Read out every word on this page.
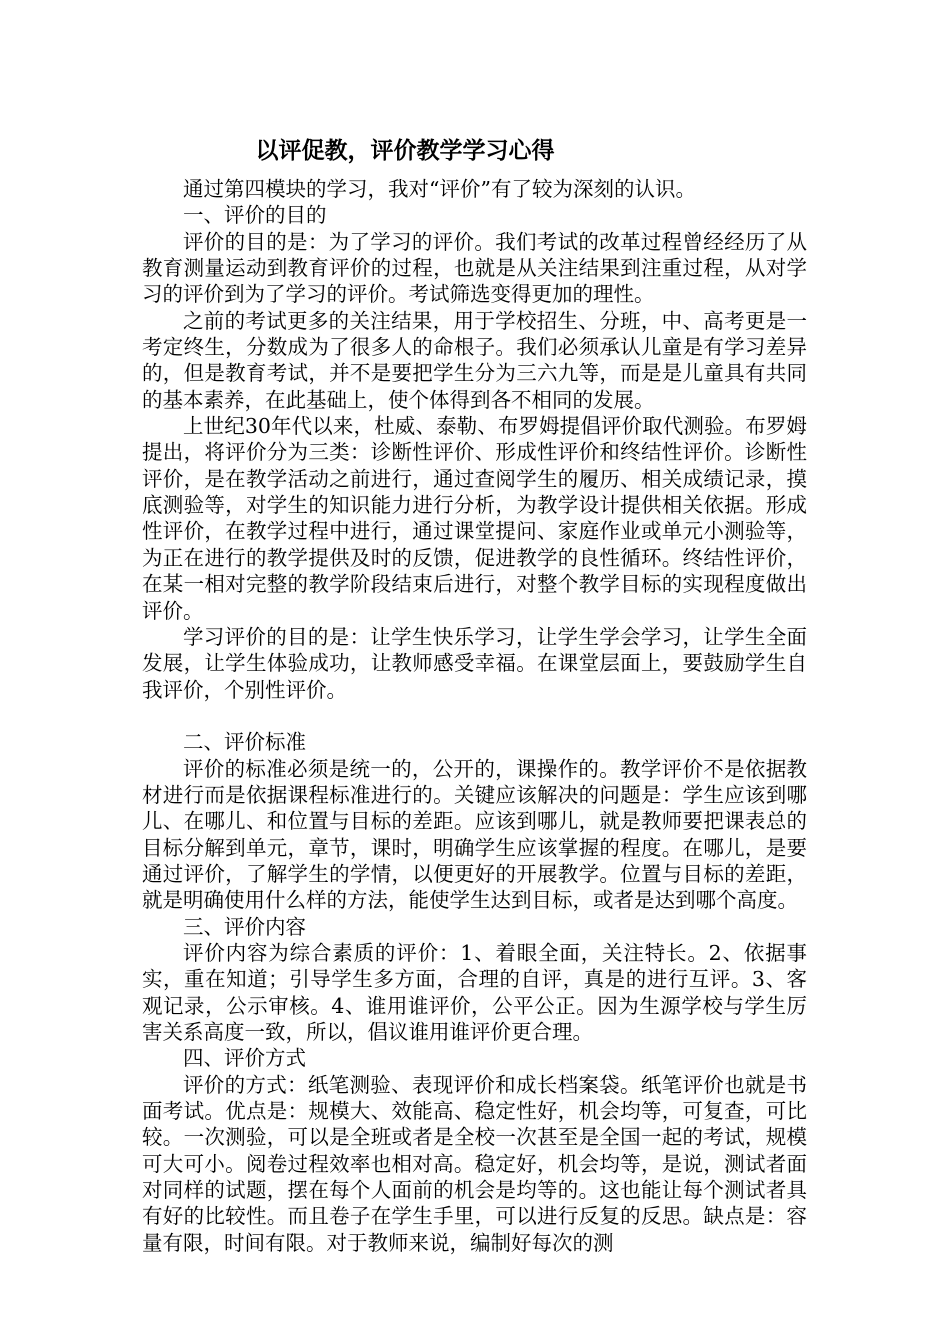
以评促教，评价教学学习心得

通过第四模块的学习，我对“评价”有了较为深刻的认识。

一、评价的目的

评价的目的是：为了学习的评价。我们考试的改革过程曾经经历了从教育测量运动到教育评价的过程，也就是从关注结果到注重过程，从对学习的评价到为了学习的评价。考试筛选变得更加的理性。

之前的考试更多的关注结果，用于学校招生、分班，中、高考更是一考定终生，分数成为了很多人的命根子。我们必须承认儿童是有学习差异的，但是教育考试，并不是要把学生分为三六九等，而是是儿童具有共同的基本素养，在此基础上，使个体得到各不相同的发展。

上世纪30年代以来，杜威、泰勒、布罗姆提倡评价取代测验。布罗姆提出，将评价分为三类：诊断性评价、形成性评价和终结性评价。诊断性评价，是在教学活动之前进行，通过查阅学生的履历、相关成绩记录，摸底测验等，对学生的知识能力进行分析，为教学设计提供相关依据。形成性评价，在教学过程中进行，通过课堂提问、家庭作业或单元小测验等，为正在进行的教学提供及时的反馈，促进教学的良性循环。终结性评价，在某一相对完整的教学阶段结束后进行，对整个教学目标的实现程度做出评价。

学习评价的目的是：让学生快乐学习，让学生学会学习，让学生全面发展，让学生体验成功，让教师感受幸福。在课堂层面上，要鼓励学生自我评价，个别性评价。

二、评价标准

评价的标准必须是统一的，公开的，课操作的。教学评价不是依据教材进行而是依据课程标准进行的。关键应该解决的问题是：学生应该到哪儿、在哪儿、和位置与目标的差距。应该到哪儿，就是教师要把课表总的目标分解到单元，章节，课时，明确学生应该掌握的程度。在哪儿，是要通过评价，了解学生的学情，以便更好的开展教学。位置与目标的差距，就是明确使用什么样的方法，能使学生达到目标，或者是达到哪个高度。

三、评价内容

评价内容为综合素质的评价：1、着眼全面，关注特长。2、依据事实，重在知道；引导学生多方面，合理的自评，真是的进行互评。3、客观记录，公示审核。4、谁用谁评价，公平公正。因为生源学校与学生厉害关系高度一致，所以，倡议谁用谁评价更合理。

四、评价方式

评价的方式：纸笔测验、表现评价和成长档案袋。纸笔评价也就是书面考试。优点是：规模大、效能高、稳定性好，机会均等，可复查，可比较。一次测验，可以是全班或者是全校一次甚至是全国一起的考试，规模可大可小。阅卷过程效率也相对高。稳定好，机会均等，是说，测试者面对同样的试题，摆在每个人面前的机会是均等的。这也能让每个测试者具有好的比较性。而且卷子在学生手里，可以进行反复的反思。缺点是：容量有限，时间有限。对于教师来说，编制好每次的测
